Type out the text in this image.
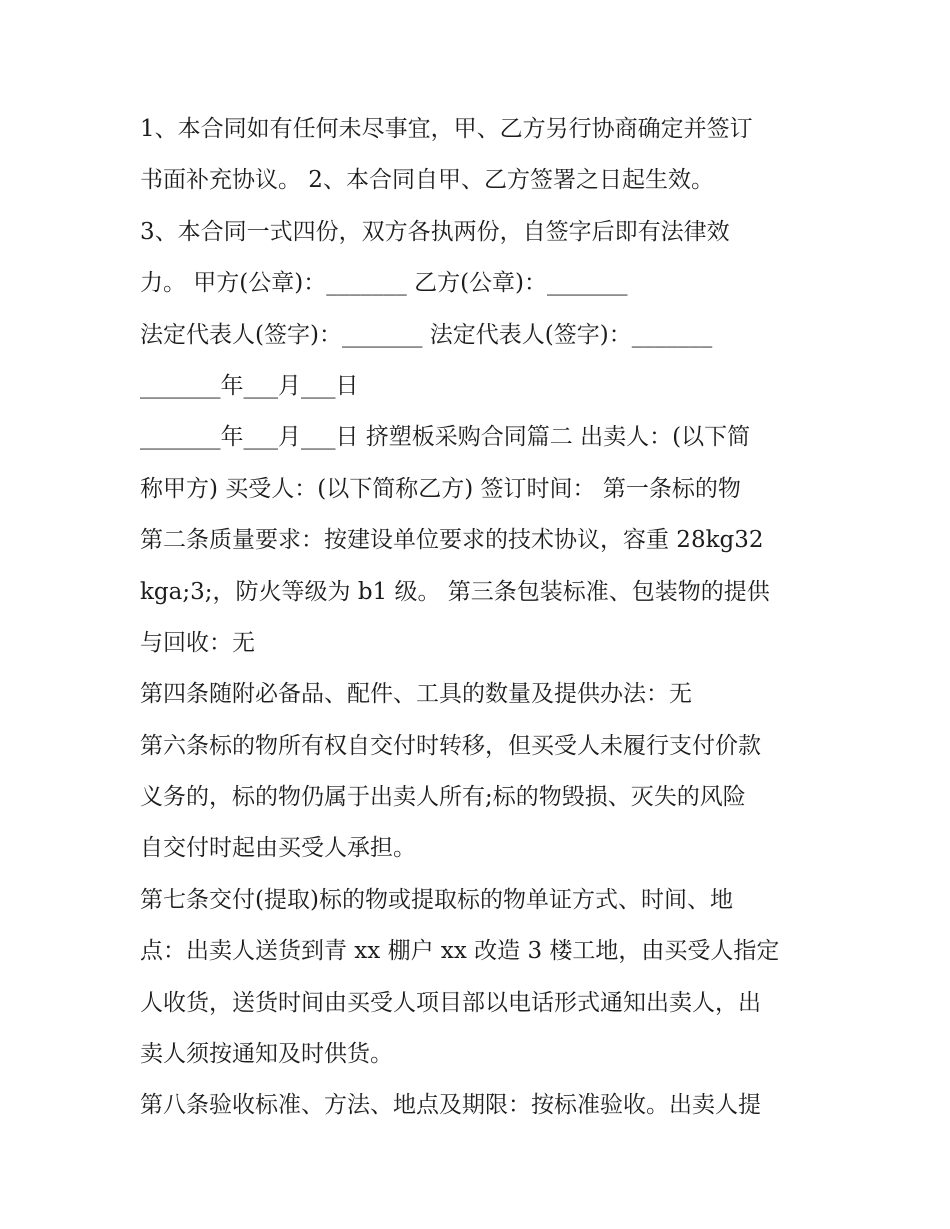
1、本合同如有任何未尽事宜，甲、乙方另行协商确定并签订
书面补充协议。 2、本合同自甲、乙方签署之日起生效。
3、本合同一式四份，双方各执两份，自签字后即有法律效
力。 甲方(公章)：_______ 乙方(公章)：_______
法定代表人(签字)：_______ 法定代表人(签字)：_______
_______年___月___日
_______年___月___日 挤塑板采购合同篇二 出卖人：(以下简
称甲方) 买受人：(以下简称乙方) 签订时间： 第一条标的物
第二条质量要求：按建设单位要求的技术协议，容重 28kg32
kga;3;，防火等级为 b1 级。 第三条包装标准、包装物的提供
与回收：无
第四条随附必备品、配件、工具的数量及提供办法：无
第六条标的物所有权自交付时转移，但买受人未履行支付价款
义务的，标的物仍属于出卖人所有;标的物毁损、灭失的风险
自交付时起由买受人承担。
第七条交付(提取)标的物或提取标的物单证方式、时间、地
点：出卖人送货到青 xx 棚户 xx 改造 3 楼工地，由买受人指定
人收货，送货时间由买受人项目部以电话形式通知出卖人，出
卖人须按通知及时供货。
第八条验收标准、方法、地点及期限：按标准验收。出卖人提
